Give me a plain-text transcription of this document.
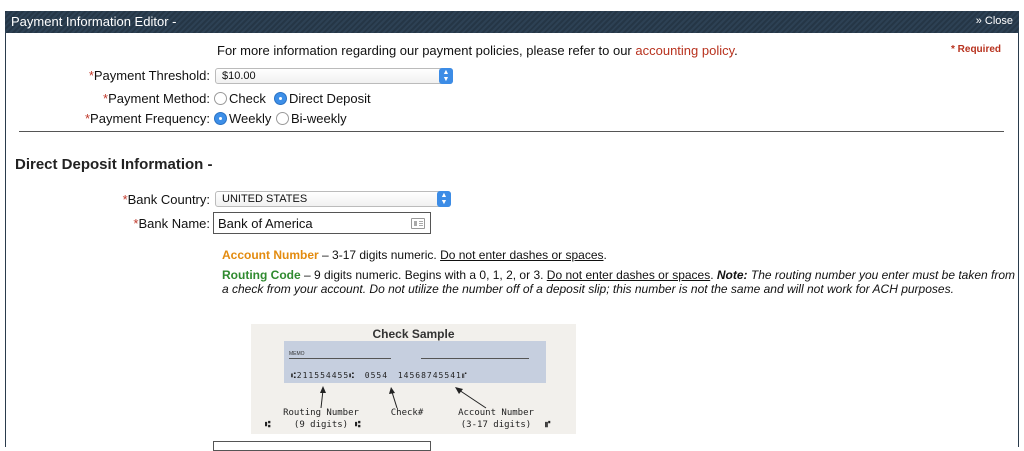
Payment Information Editor -	» Close
For more information regarding our payment policies, please refer to our accounting policy.	* Required
*Payment Threshold: $10.00	▲
▼
*Payment Method: Check Direct Deposit
*Payment Frequency: Weekly Bi-weekly
Direct Deposit Information -
*Bank Country: UNITED STATES	▲
▼
*Bank Name: Bank of America
Account Number – 3-17 digits numeric. Do not enter dashes or spaces.
Routing Code – 9 digits numeric. Begins with a 0, 1, 2, or 3. Do not enter dashes or spaces. Note: The routing number you enter must be taken from a check from your account. Do not utilize the number off of a deposit slip; this number is not the same and will not work for ACH purposes.
Check Sample
MEMO
⑆211554455⑆ 0554 14568745541⑈
Routing Number
(9 digits)
Check#	Account Number
(3-17 digits)
⑆	⑆	⑈
